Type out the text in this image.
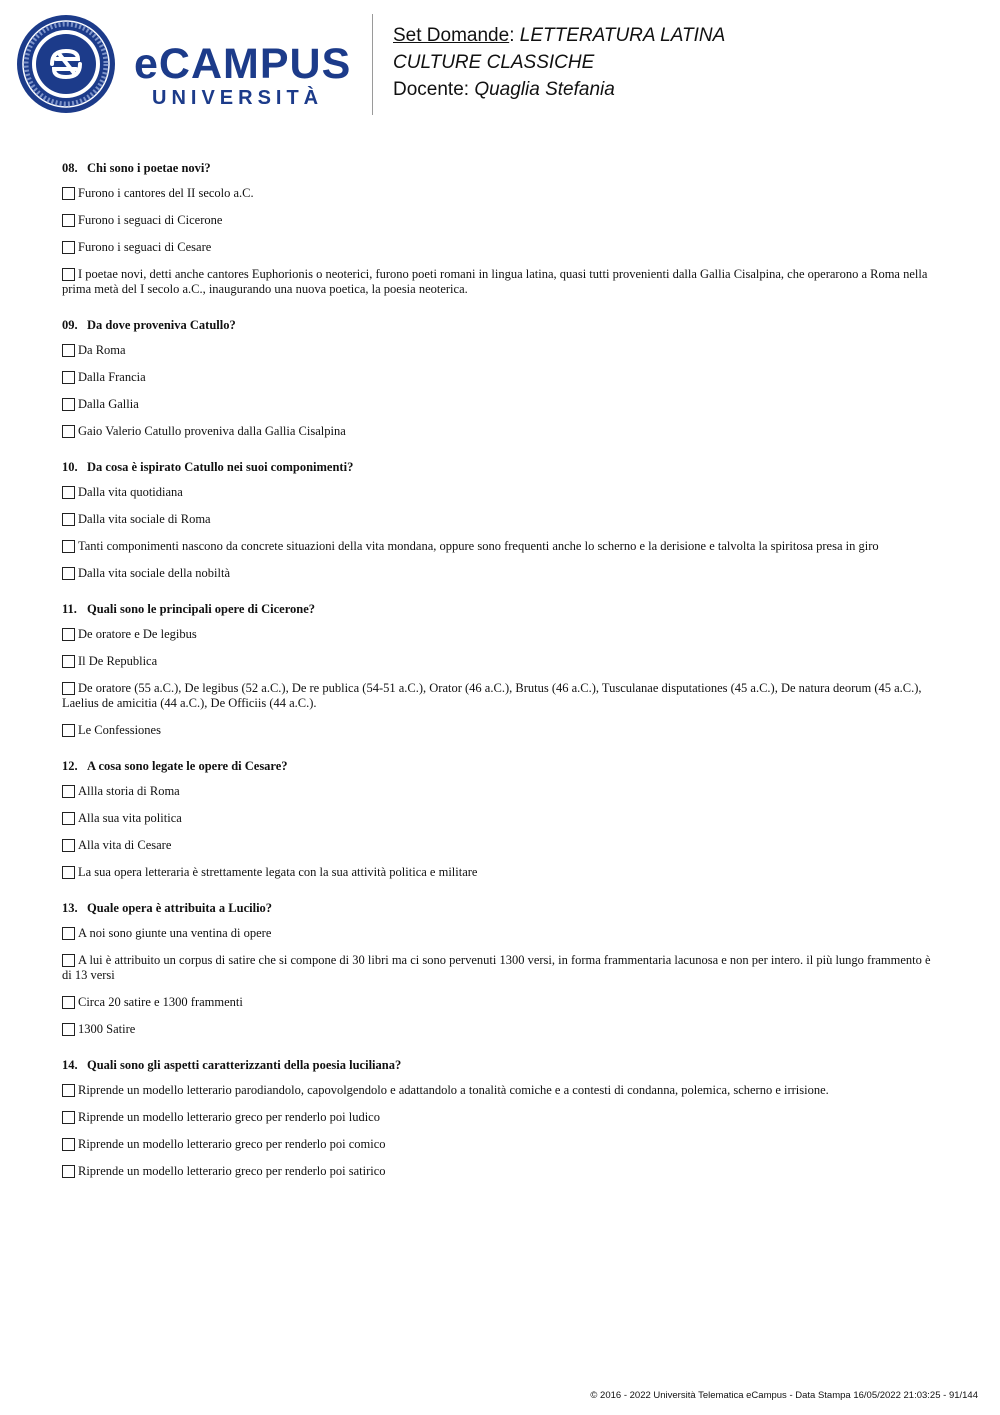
eCAMPUS
UNIVERSITÀ
Set Domande: LETTERATURA LATINA
CULTURE CLASSICHE
Docente: Quaglia Stefania
08. Chi sono i poetae novi?
Furono i cantores del II secolo a.C.
Furono i seguaci di Cicerone
Furono i seguaci di Cesare
I poetae novi, detti anche cantores Euphorionis o neoterici, furono poeti romani in lingua latina, quasi tutti provenienti dalla Gallia Cisalpina, che operarono a Roma nella prima metà del I secolo a.C., inaugurando una nuova poetica, la poesia neoterica.
09. Da dove proveniva Catullo?
Da Roma
Dalla Francia
Dalla Gallia
Gaio Valerio Catullo proveniva dalla Gallia Cisalpina
10. Da cosa è ispirato Catullo nei suoi componimenti?
Dalla vita quotidiana
Dalla vita sociale di Roma
Tanti componimenti nascono da concrete situazioni della vita mondana, oppure sono frequenti anche lo scherno e la derisione e talvolta la spiritosa presa in giro
Dalla vita sociale della nobiltà
11. Quali sono le principali opere di Cicerone?
De oratore e De legibus
Il De Republica
De oratore (55 a.C.), De legibus (52 a.C.), De re publica (54-51 a.C.), Orator (46 a.C.), Brutus (46 a.C.), Tusculanae disputationes (45 a.C.), De natura deorum (45 a.C.), Laelius de amicitia (44 a.C.), De Officiis (44 a.C.).
Le Confessiones
12. A cosa sono legate le opere di Cesare?
Allla storia di Roma
Alla sua vita politica
Alla vita di Cesare
La sua opera letteraria è strettamente legata con la sua attività politica e militare
13. Quale opera è attribuita a Lucilio?
A noi sono giunte una ventina di opere
A lui è attribuito un corpus di satire che si compone di 30 libri ma ci sono pervenuti 1300 versi, in forma frammentaria lacunosa e non per intero. il più lungo frammento è di 13 versi
Circa 20 satire e 1300 frammenti
1300 Satire
14. Quali sono gli aspetti caratterizzanti della poesia luciliana?
Riprende un modello letterario parodiandolo, capovolgendolo e adattandolo a tonalità comiche e a contesti di condanna, polemica, scherno e irrisione.
Riprende un modello letterario greco per renderlo poi ludico
Riprende un modello letterario greco per renderlo poi comico
Riprende un modello letterario greco per renderlo poi satirico
© 2016 - 2022 Università Telematica eCampus - Data Stampa 16/05/2022 21:03:25 - 91/144
